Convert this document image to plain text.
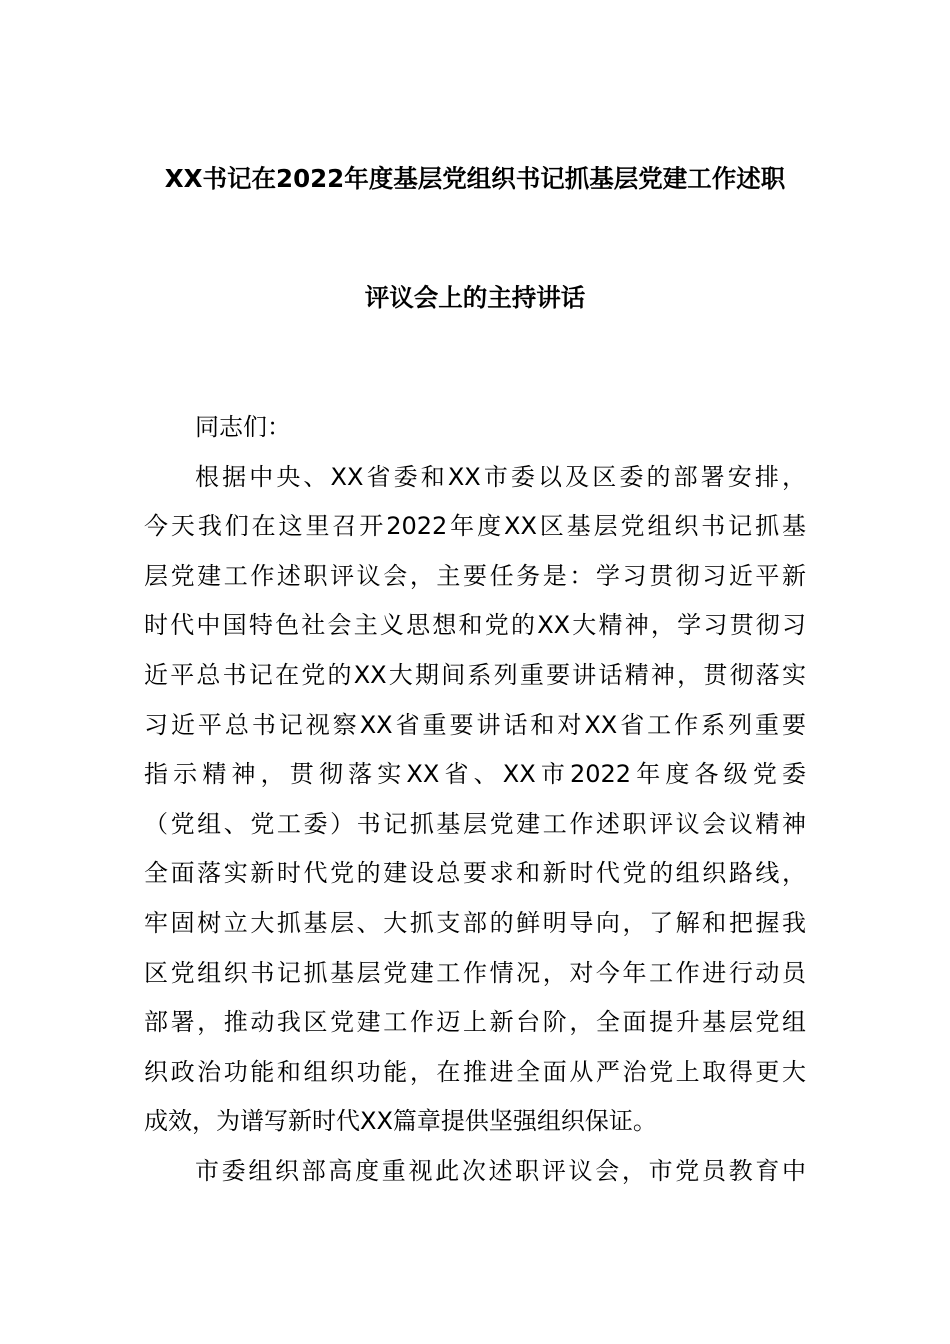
XX书记在2022年度基层党组织书记抓基层党建工作述职
评议会上的主持讲话

同志们：

根据中央、XX省委和XX市委以及区委的部署安排，
今天我们在这里召开2022年度XX区基层党组织书记抓基
层党建工作述职评议会，主要任务是：学习贯彻习近平新
时代中国特色社会主义思想和党的XX大精神，学习贯彻习
近平总书记在党的XX大期间系列重要讲话精神，贯彻落实
习近平总书记视察XX省重要讲话和对XX省工作系列重要
指示精神，贯彻落实XX省、XX市2022年度各级党委
（党组、党工委）书记抓基层党建工作述职评议会议精神
全面落实新时代党的建设总要求和新时代党的组织路线，
牢固树立大抓基层、大抓支部的鲜明导向，了解和把握我
区党组织书记抓基层党建工作情况，对今年工作进行动员
部署，推动我区党建工作迈上新台阶，全面提升基层党组
织政治功能和组织功能，在推进全面从严治党上取得更大
成效，为谱写新时代XX篇章提供坚强组织保证。

市委组织部高度重视此次述职评议会，市党员教育中
